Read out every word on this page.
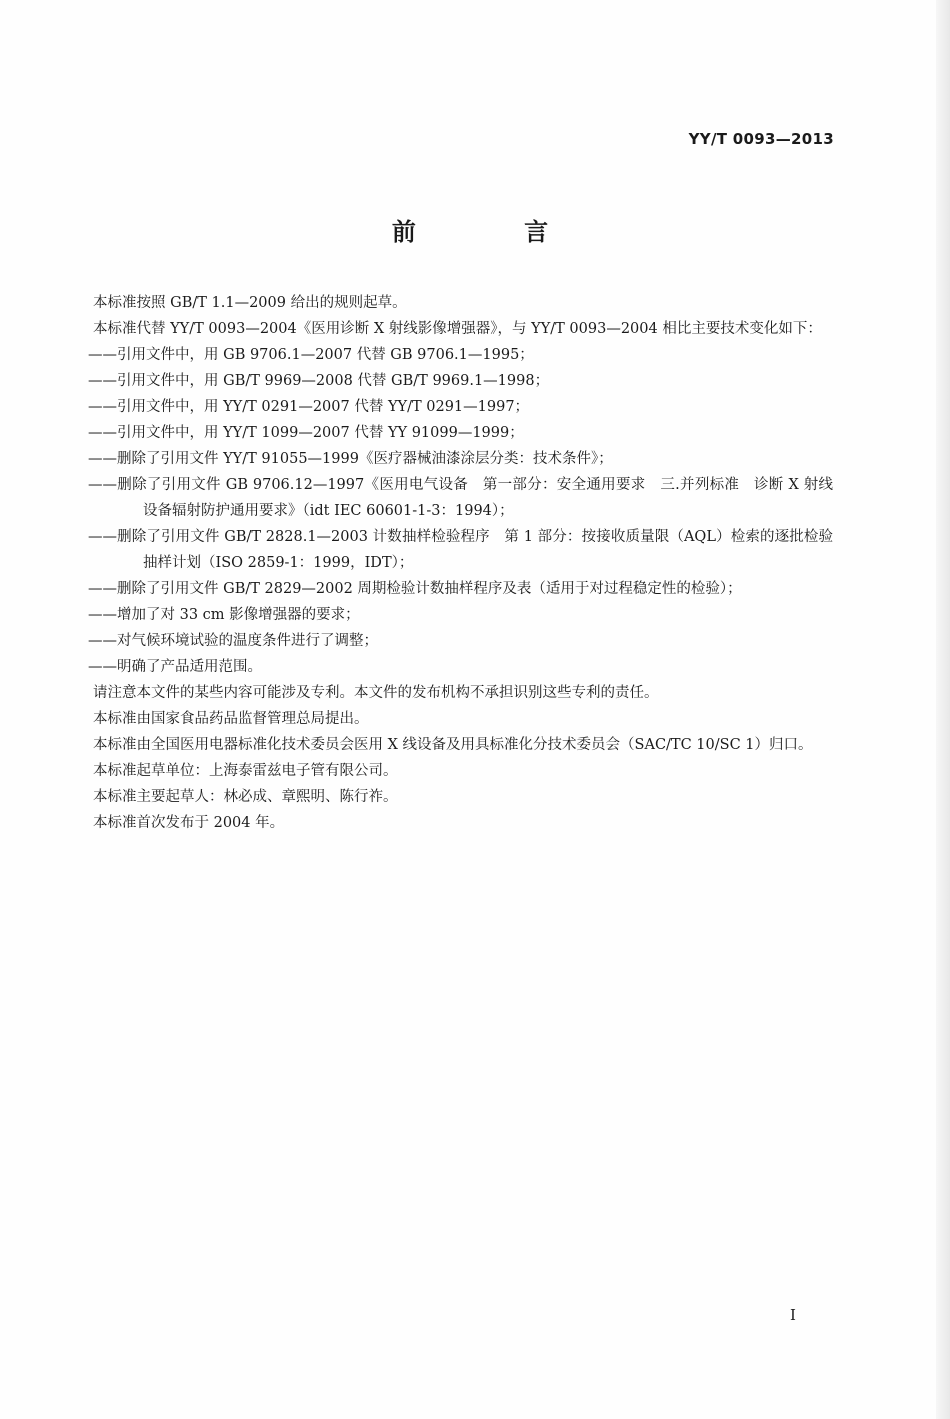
YY/T 0093—2013
前 言

本标准按照 GB/T 1.1—2009 给出的规则起草。

本标准代替 YY/T 0093—2004《医用诊断 X 射线影像增强器》，与 YY/T 0093—2004 相比主要技术变化如下：

——引用文件中，用 GB 9706.1—2007 代替 GB 9706.1—1995；

——引用文件中，用 GB/T 9969—2008 代替 GB/T 9969.1—1998；

——引用文件中，用 YY/T 0291—2007 代替 YY/T 0291—1997；

——引用文件中，用 YY/T 1099—2007 代替 YY 91099—1999；

——删除了引用文件 YY/T 91055—1999《医疗器械油漆涂层分类：技术条件》；

——删除了引用文件 GB 9706.12—1997《医用电气设备　第一部分：安全通用要求　三.并列标准　诊断 X 射线设备辐射防护通用要求》（idt IEC 60601-1-3：1994）；

——删除了引用文件 GB/T 2828.1—2003 计数抽样检验程序　第 1 部分：按接收质量限（AQL）检索的逐批检验抽样计划（ISO 2859-1：1999，IDT）；

——删除了引用文件 GB/T 2829—2002 周期检验计数抽样程序及表（适用于对过程稳定性的检验）；

——增加了对 33 cm 影像增强器的要求；

——对气候环境试验的温度条件进行了调整；

——明确了产品适用范围。

请注意本文件的某些内容可能涉及专利。本文件的发布机构不承担识别这些专利的责任。

本标准由国家食品药品监督管理总局提出。

本标准由全国医用电器标准化技术委员会医用 X 线设备及用具标准化分技术委员会（SAC/TC 10/SC 1）归口。

本标准起草单位：上海泰雷兹电子管有限公司。

本标准主要起草人：林必成、章熙明、陈行祚。

本标准首次发布于 2004 年。

I
